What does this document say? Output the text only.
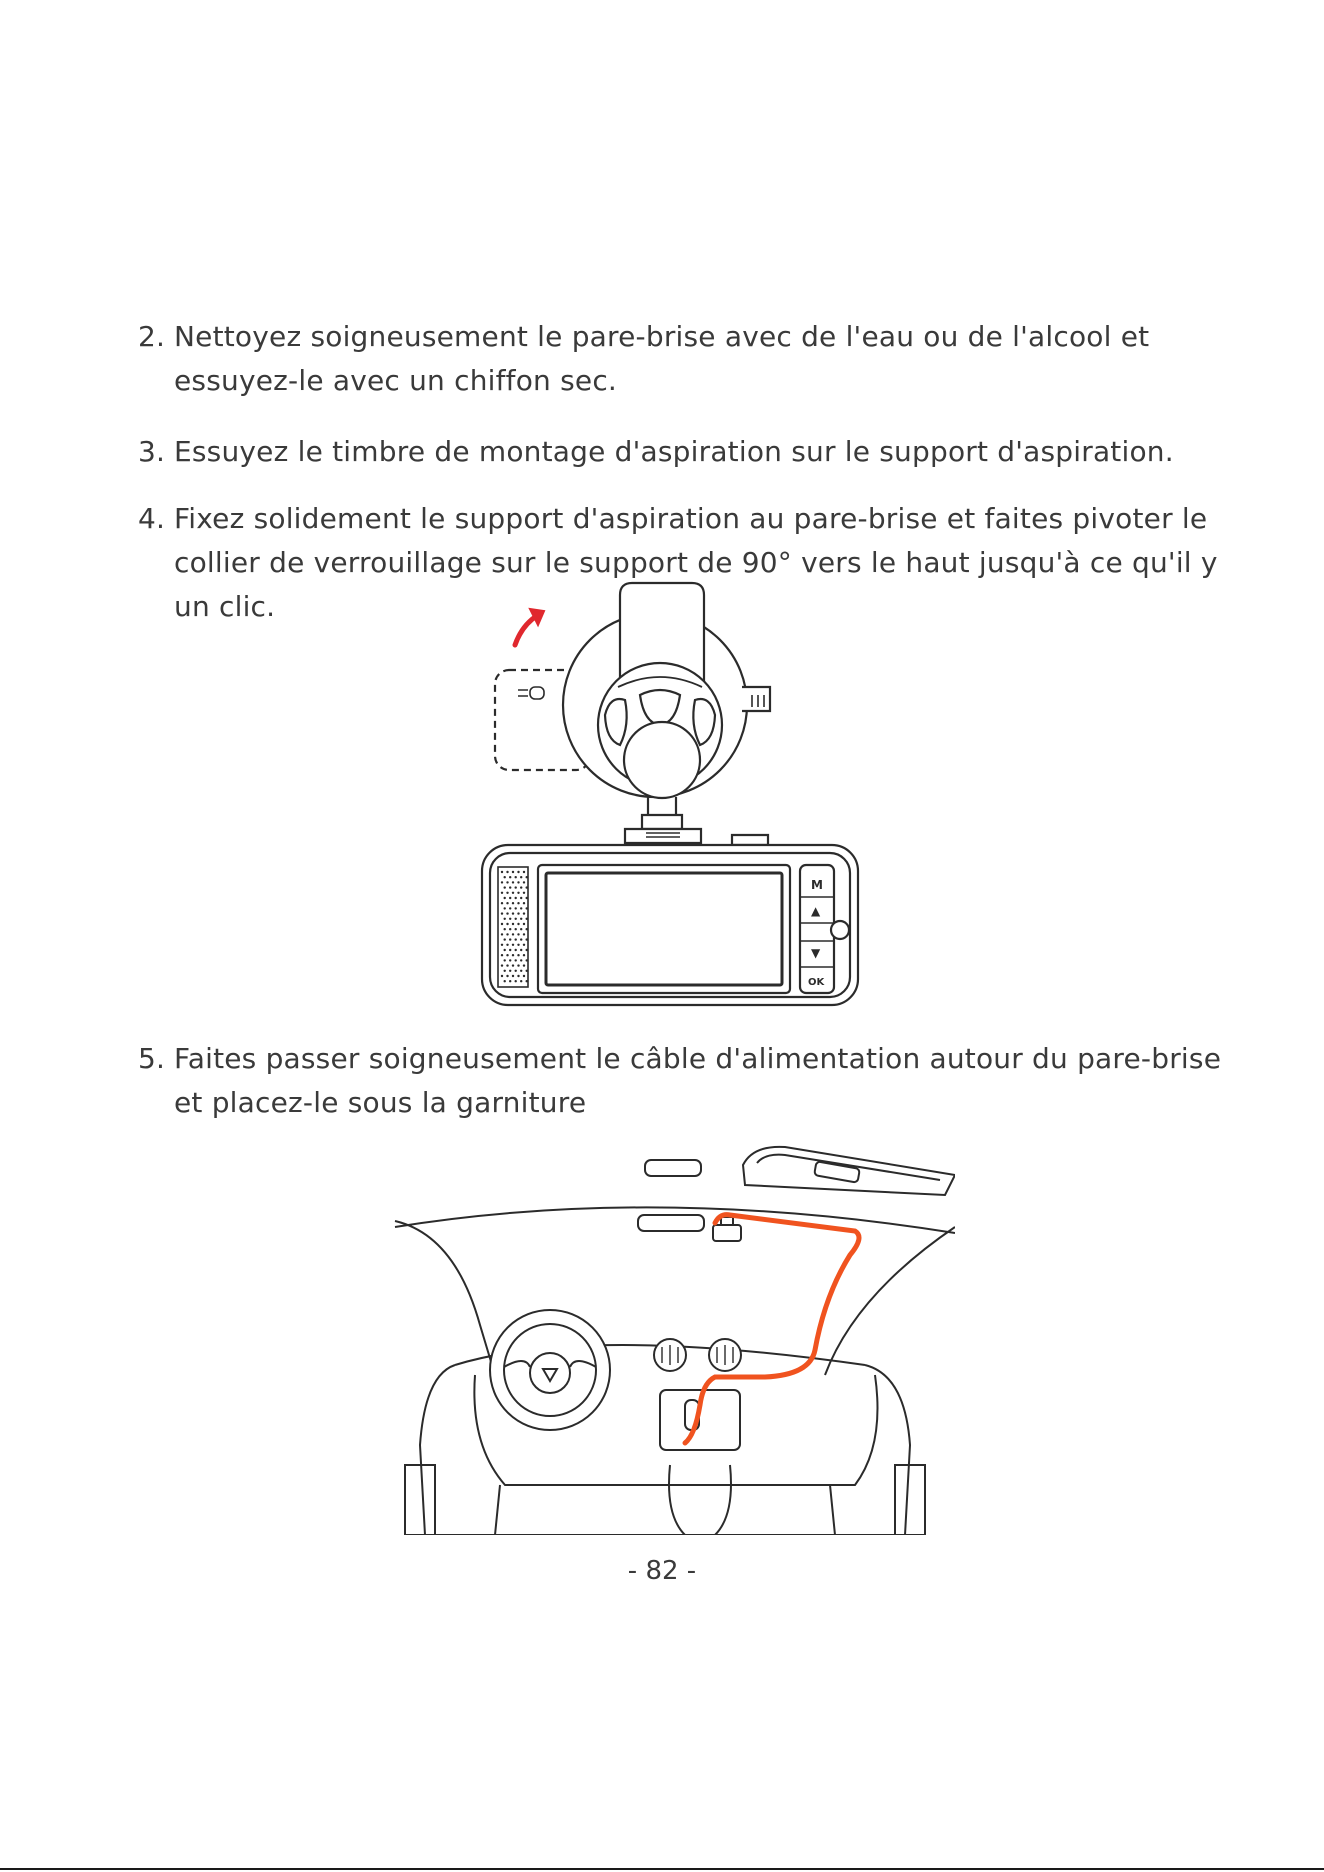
2. Nettoyez soigneusement le pare-brise avec de l'eau ou de l'alcool et essuyez-le avec un chiffon sec.
3. Essuyez le timbre de montage d'aspiration sur le support d'aspiration.
4. Fixez solidement le support d'aspiration au pare-brise et faites pivoter le collier de verrouillage sur le support de 90° vers le haut jusqu'à ce qu'il y un clic.
M
▲
▼
OK
5. Faites passer soigneusement le câble d'alimentation autour du pare-brise et placez-le sous la garniture
- 82 -
